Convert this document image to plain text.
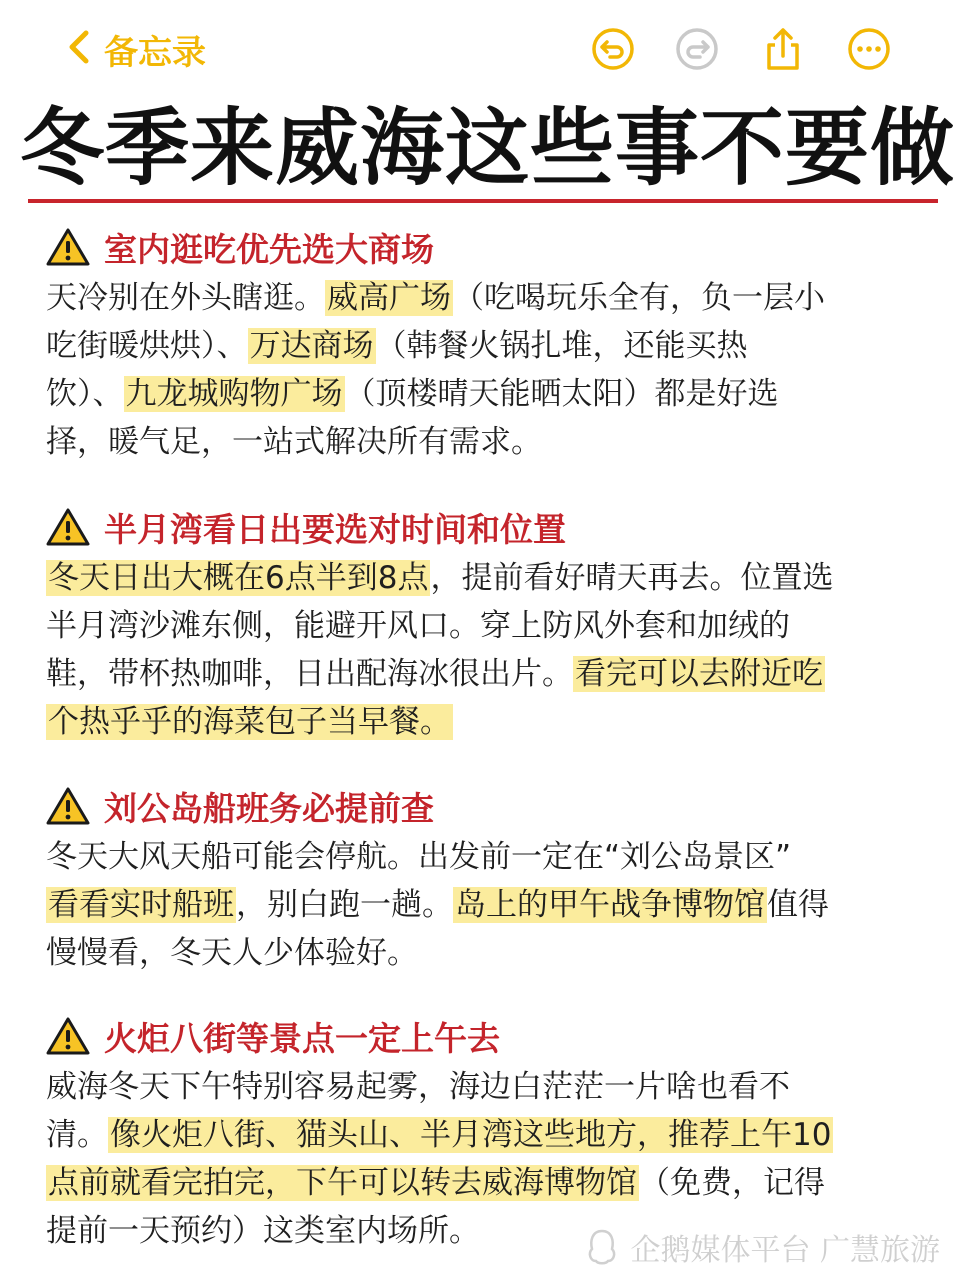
备忘录
冬季来威海这些事不要做
室内逛吃优先选大商场

天冷别在外头瞎逛。威高广场（吃喝玩乐全有，负一层小

吃街暖烘烘）、万达商场（韩餐火锅扎堆，还能买热

饮）、九龙城购物广场（顶楼晴天能晒太阳）都是好选

择，暖气足，一站式解决所有需求。

半月湾看日出要选对时间和位置

冬天日出大概在6点半到8点，提前看好晴天再去。位置选

半月湾沙滩东侧，能避开风口。穿上防风外套和加绒的

鞋，带杯热咖啡，日出配海冰很出片。看完可以去附近吃

个热乎乎的海菜包子当早餐。

刘公岛船班务必提前查

冬天大风天船可能会停航。出发前一定在“刘公岛景区”

看看实时船班，别白跑一趟。岛上的甲午战争博物馆值得

慢慢看，冬天人少体验好。

火炬八街等景点一定上午去

威海冬天下午特别容易起雾，海边白茫茫一片啥也看不

清。像火炬八街、猫头山、半月湾这些地方，推荐上午10

点前就看完拍完，下午可以转去威海博物馆（免费，记得

提前一天预约）这类室内场所。

企鹅媒体平台 广慧旅游
